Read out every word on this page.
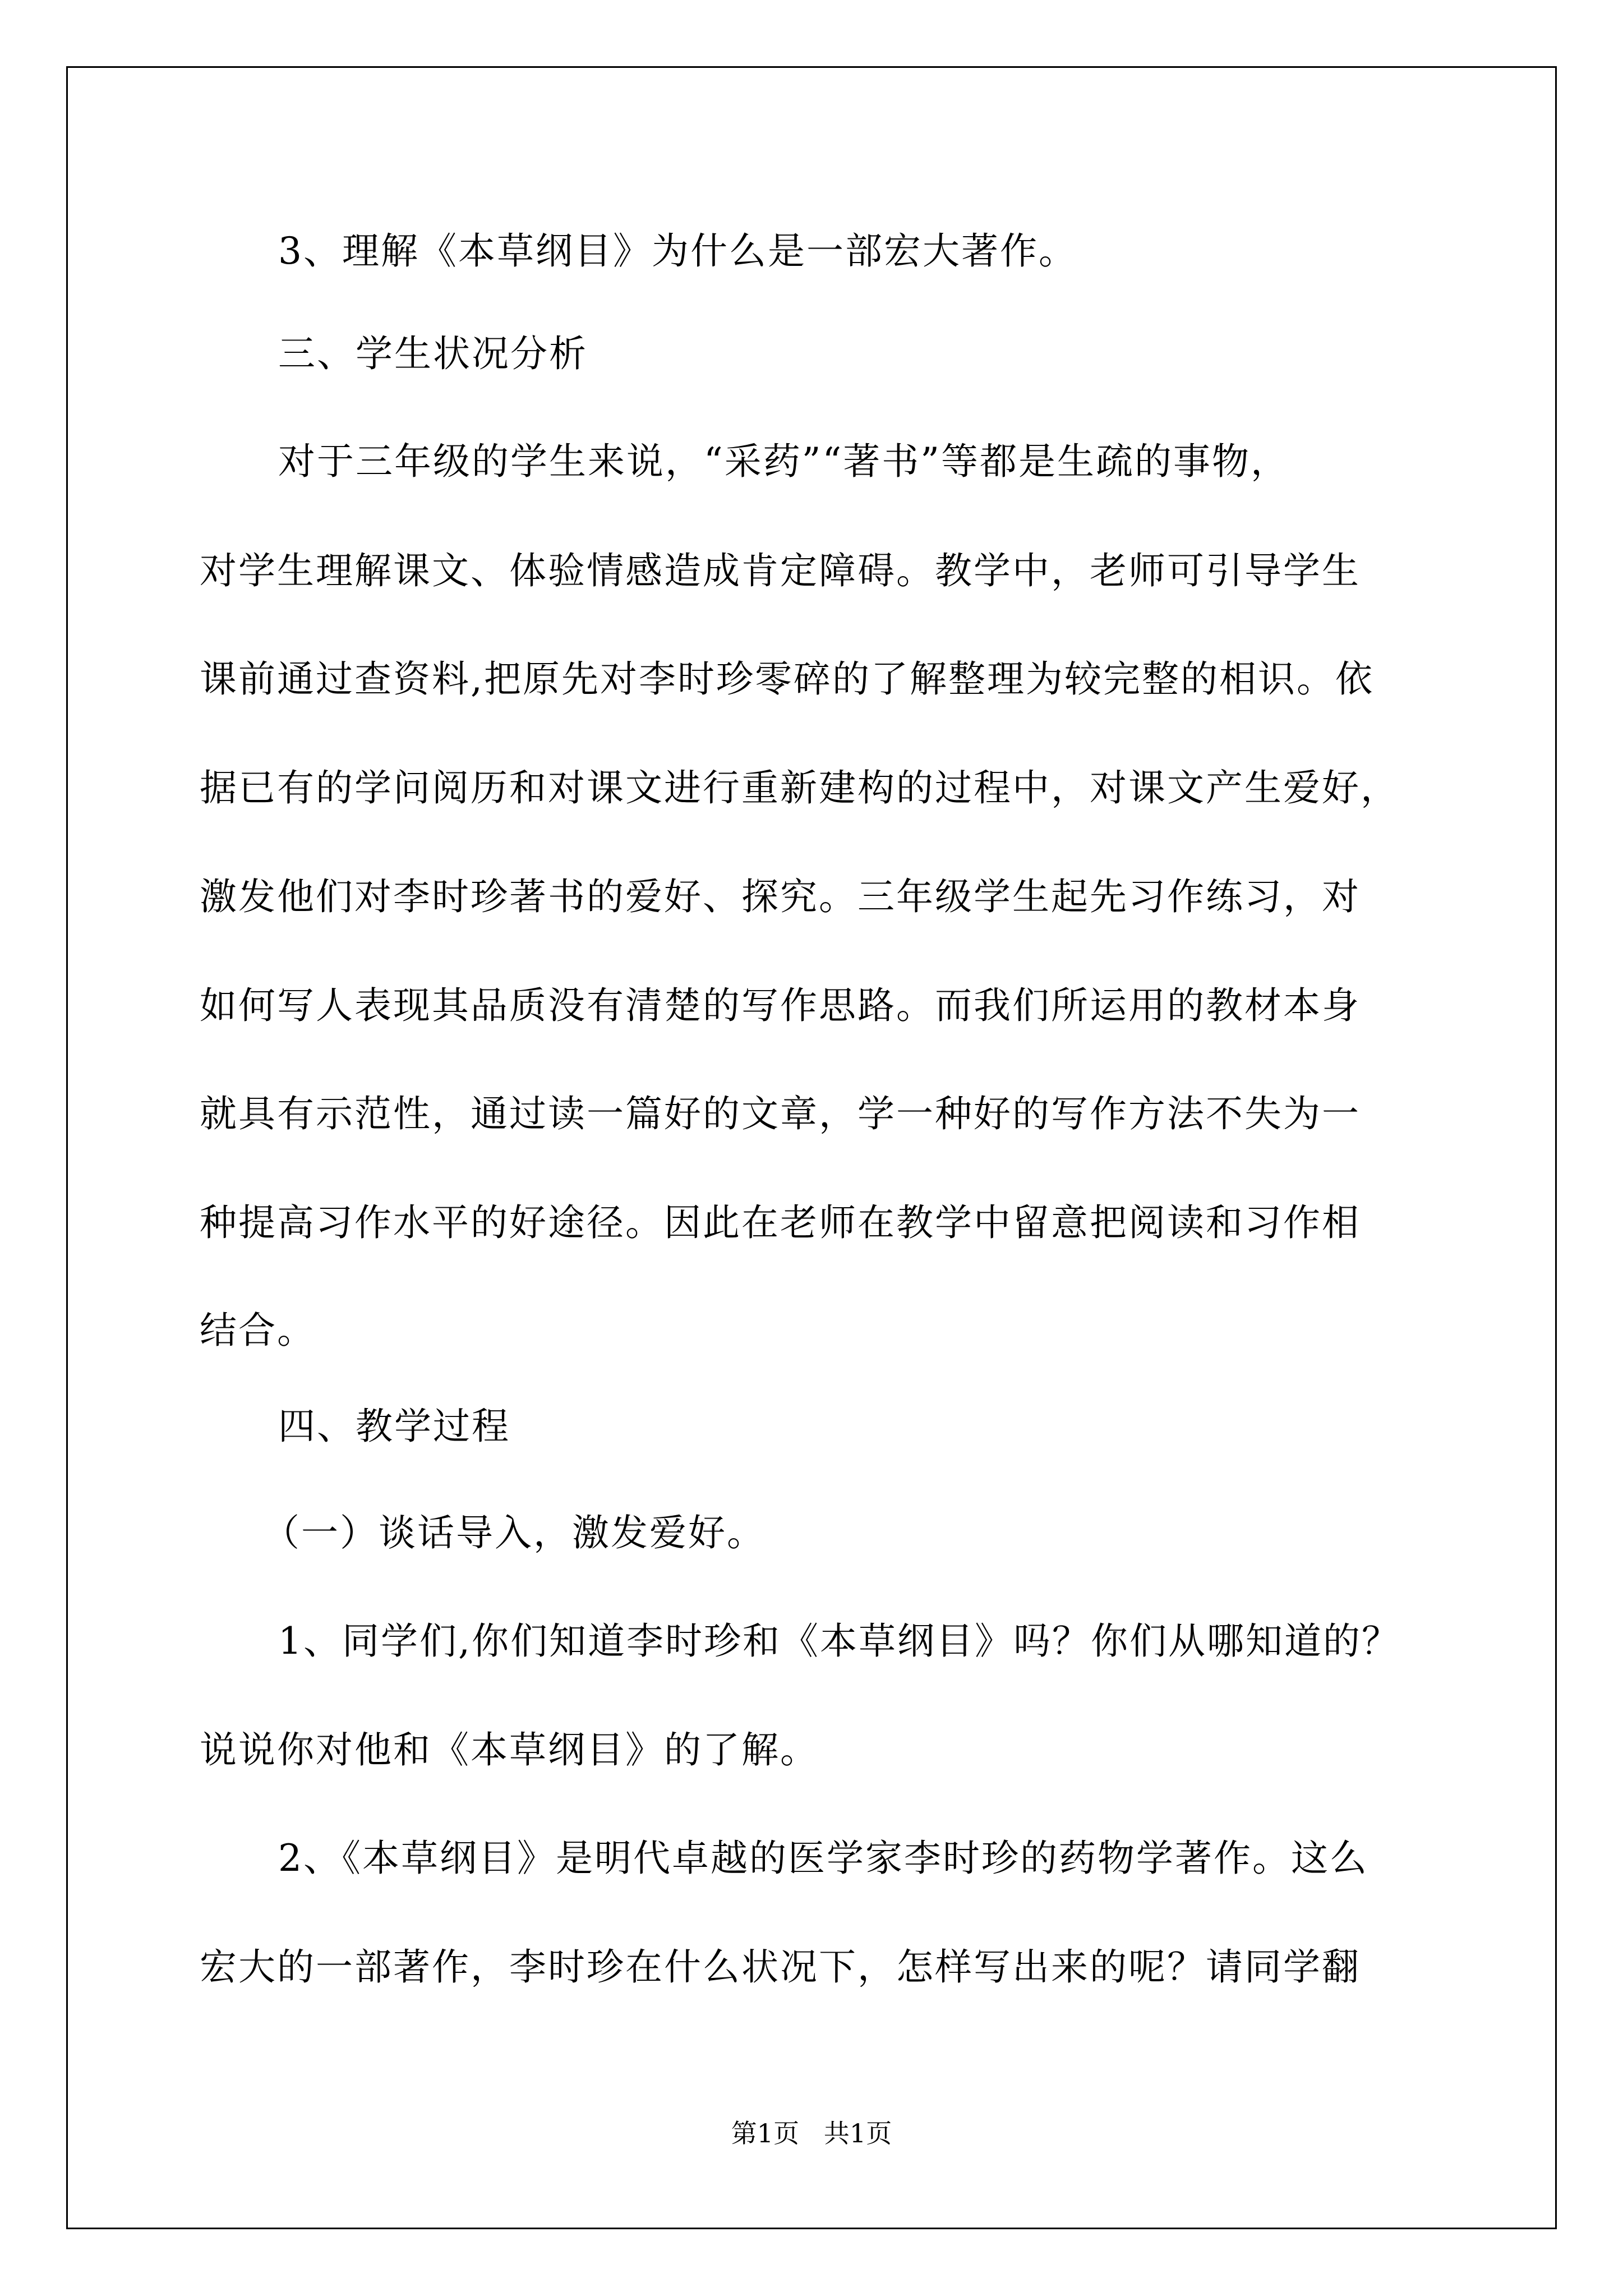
3、理解《本草纲目》为什么是一部宏大著作。
三、学生状况分析
对于三年级的学生来说，“采药”“著书”等都是生疏的事物，
对学生理解课文、体验情感造成肯定障碍。教学中，老师可引导学生
课前通过查资料,把原先对李时珍零碎的了解整理为较完整的相识。依
据已有的学问阅历和对课文进行重新建构的过程中，对课文产生爱好，
激发他们对李时珍著书的爱好、探究。三年级学生起先习作练习，对
如何写人表现其品质没有清楚的写作思路。而我们所运用的教材本身
就具有示范性，通过读一篇好的文章，学一种好的写作方法不失为一
种提高习作水平的好途径。因此在老师在教学中留意把阅读和习作相
结合。
四、教学过程
（一）谈话导入，激发爱好。
1、同学们,你们知道李时珍和《本草纲目》吗？你们从哪知道的？
说说你对他和《本草纲目》的了解。
2、《本草纲目》是明代卓越的医学家李时珍的药物学著作。这么
宏大的一部著作，李时珍在什么状况下，怎样写出来的呢？请同学翻
第1页   共1页
